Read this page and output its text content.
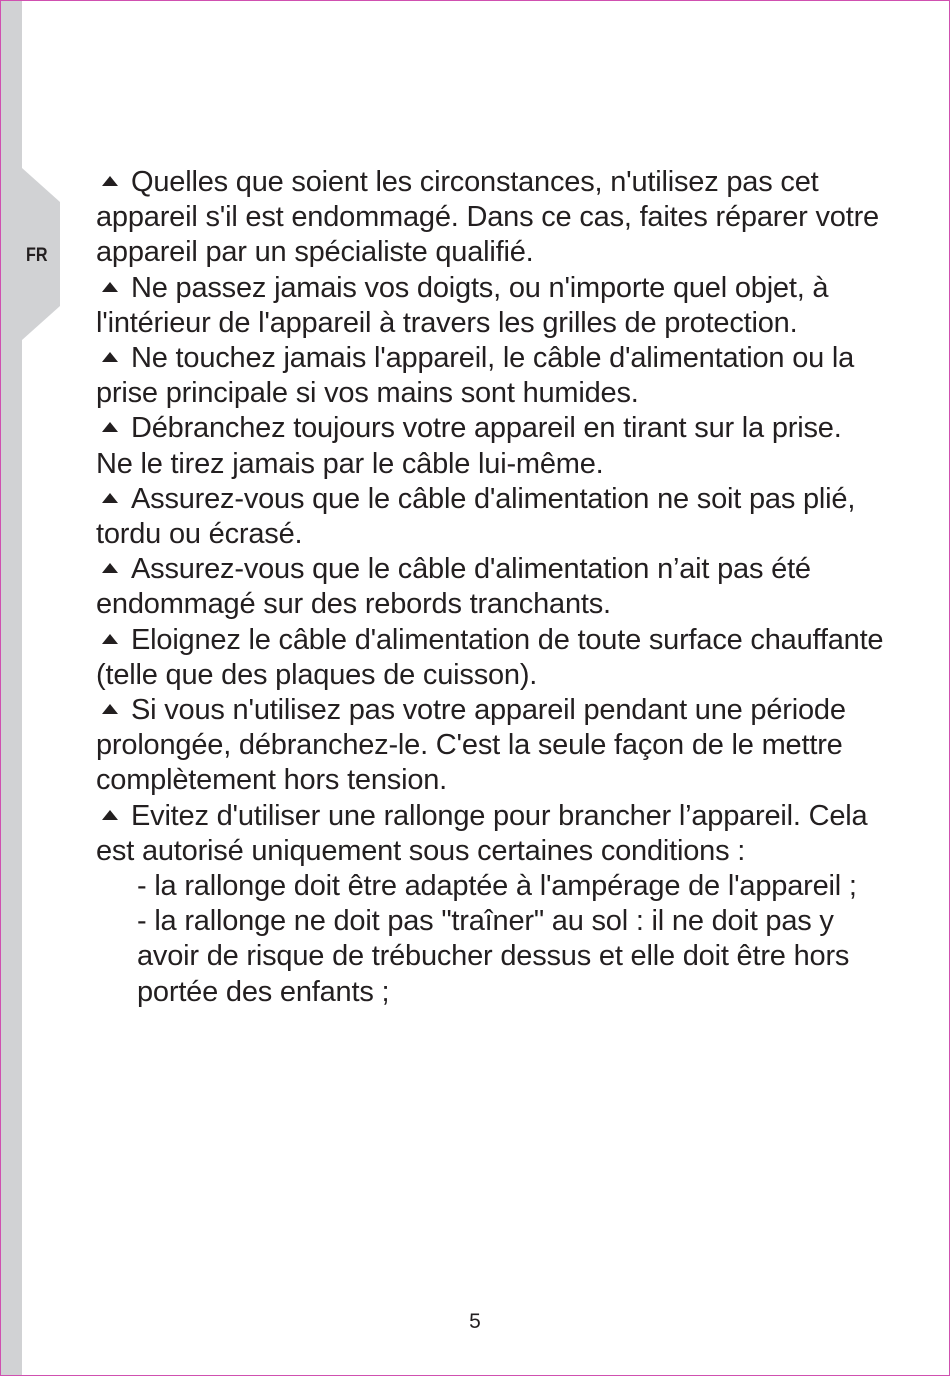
FR

Quelles que soient les circonstances, n'utilisez pas cet appareil s'il est endommagé. Dans ce cas, faites réparer votre appareil par un spécialiste qualifié.

Ne passez jamais vos doigts, ou n'importe quel objet, à l'intérieur de l'appareil à travers les grilles de protection.

Ne touchez jamais l'appareil, le câble d'alimentation ou la prise principale si vos mains sont humides.

Débranchez toujours votre appareil en tirant sur la prise. Ne le tirez jamais par le câble lui-même.

Assurez-vous que le câble d'alimentation ne soit pas plié, tordu ou écrasé.

Assurez-vous que le câble d'alimentation n’ait pas été endommagé sur des rebords tranchants.

Eloignez le câble d'alimentation de toute surface chauffante (telle que des plaques de cuisson).

Si vous n'utilisez pas votre appareil pendant une période prolongée, débranchez-le. C'est la seule façon de le mettre complètement hors tension.

Evitez d'utiliser une rallonge pour brancher l’appareil. Cela est autorisé uniquement sous certaines conditions :

- la rallonge doit être adaptée à l'ampérage de l'appareil ;

- la rallonge ne doit pas "traîner" au sol : il ne doit pas y avoir de risque de trébucher dessus et elle doit être hors portée des enfants ;

5
